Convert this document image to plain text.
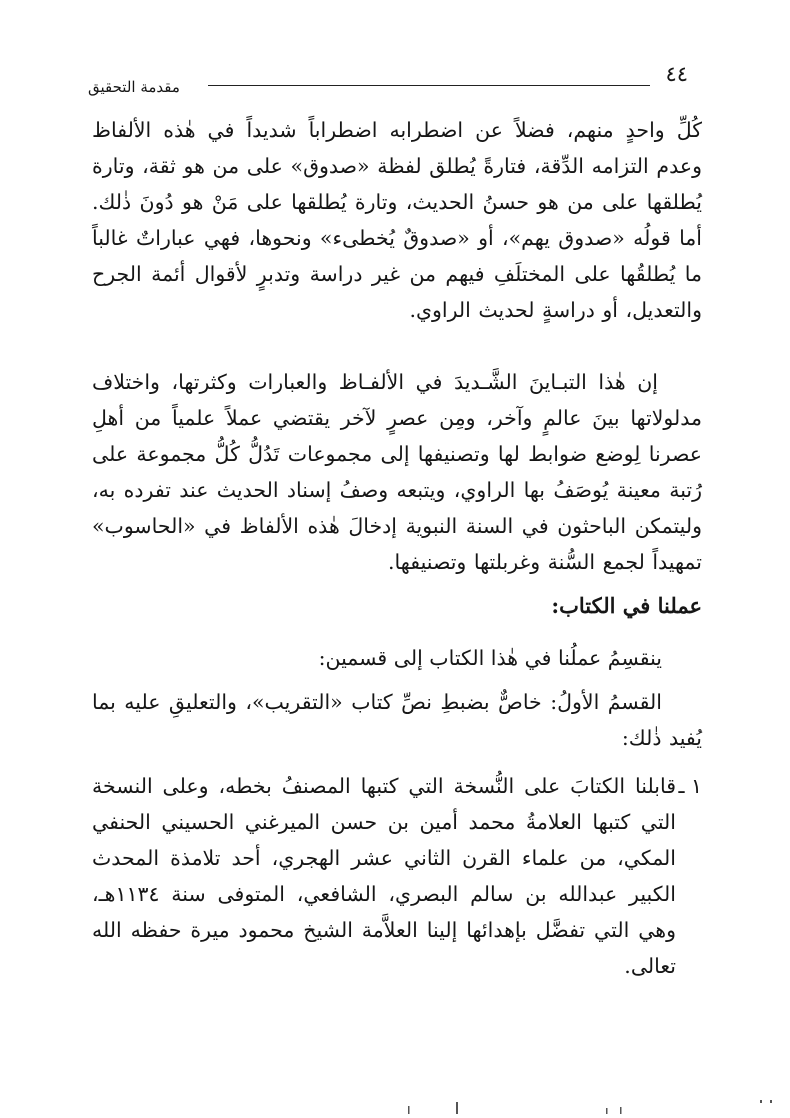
٤٤
مقدمة التحقيق

كُلِّ واحدٍ منهم، فضلاً عن اضطرابه اضطراباً شديداً في هٰذه الألفاظ وعدم التزامه الدِّقة، فتارةً يُطلق لفظة «صدوق» على من هو ثقة، وتارة يُطلقها على من هو حسنُ الحديث، وتارة يُطلقها على مَنْ هو دُونَ ذٰلك. أما قولُه «صدوق يهم»، أو «صدوقٌ يُخطىء» ونحوها، فهي عباراتٌ غالباً ما يُطلقُها على المختلَفِ فيهم من غير دراسة وتدبرٍ لأقوال أئمة الجرح والتعديل، أو دراسةٍ لحديث الراوي.

إن هٰذا التبـاينَ الشَّـديدَ في الألفـاظ والعبارات وكثرتها، واختلاف مدلولاتها بينَ عالمٍ وآخر، ومِن عصرٍ لآخر يقتضي عملاً علمياً من أهلِ عصرنا لِوضع ضوابط لها وتصنيفها إلى مجموعات تَدُلُّ كُلُّ مجموعة على رُتبة معينة يُوصَفُ بها الراوي، ويتبعه وصفُ إسناد الحديث عند تفرده به، وليتمكن الباحثون في السنة النبوية إدخالَ هٰذه الألفاظ في «الحاسوب» تمهيداً لجمع السُّنة وغربلتها وتصنيفها.

عملنا في الكتاب:

ينقسِمُ عملُنا في هٰذا الكتاب إلى قسمين:

القسمُ الأولُ: خاصٌّ بضبطِ نصِّ كتاب «التقريب»، والتعليقِ عليه بما يُفيد ذٰلك:

١ ـ
قابلنا الكتابَ على النُّسخة التي كتبها المصنفُ بخطه، وعلى النسخة التي كتبها العلامةُ محمد أمين بن حسن الميرغني الحسيني الحنفي المكي، من علماء القرن الثاني عشر الهجري، أحد تلامذة المحدث الكبير عبدالله بن سالم البصري، الشافعي، المتوفى سنة ١١٣٤هـ، وهي التي تفضَّل بإهدائها إلينا العلاَّمة الشيخ محمود ميرة حفظه الله تعالى.
